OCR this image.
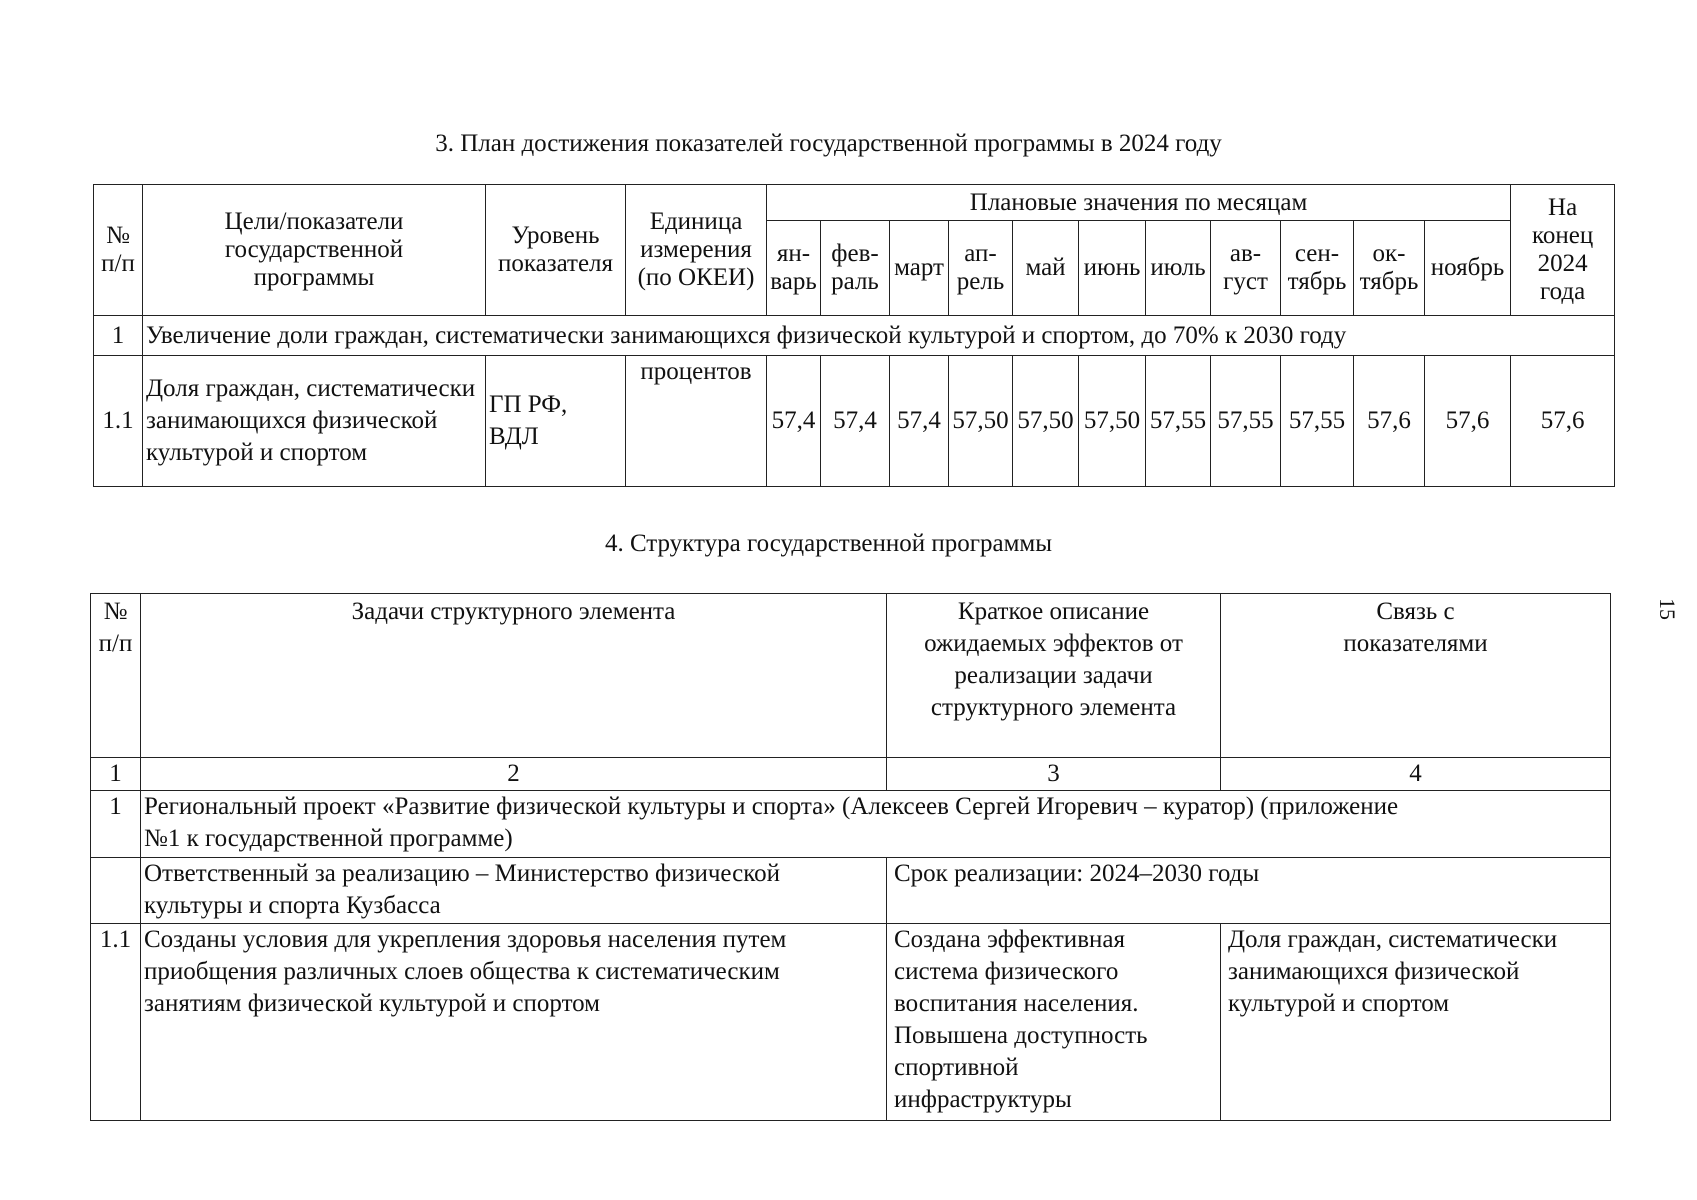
3. План достижения показателей государственной программы в 2024 году
№ п/п	Цели/показатели государственной программы	Уровень показателя	Единица измерения (по ОКЕИ)	Плановые значения по месяцам											На конец 2024 года
				ян-варь	фев-раль	март	ап-рель	май	июнь	июль	ав-густ	сен-тябрь	ок-тябрь	ноябрь	
1	Увеличение доли граждан, систематически занимающихся физической культурой и спортом, до 70% к 2030 году														
1.1	Доля граждан, систематически занимающихся физической культурой и спортом	ГП РФ, ВДЛ	процентов	57,4	57,4	57,4	57,50	57,50	57,50	57,55	57,55	57,55	57,6	57,6	57,6
4. Структура государственной программы
№ п/п	Задачи структурного элемента	Краткое описание ожидаемых эффектов от реализации задачи структурного элемента	Связь с показателями
1	2	3	4
1	Региональный проект «Развитие физической культуры и спорта» (Алексеев Сергей Игоревич – куратор) (приложение №1 к государственной программе)		
	Ответственный за реализацию – Министерство физической культуры и спорта Кузбасса	Срок реализации: 2024–2030 годы	
1.1	Созданы условия для укрепления здоровья населения путем приобщения различных слоев общества к систематическим занятиям физической культурой и спортом	Создана эффективная система физического воспитания населения. Повышена доступность спортивной инфраструктуры	Доля граждан, систематически занимающихся физической культурой и спортом
15
